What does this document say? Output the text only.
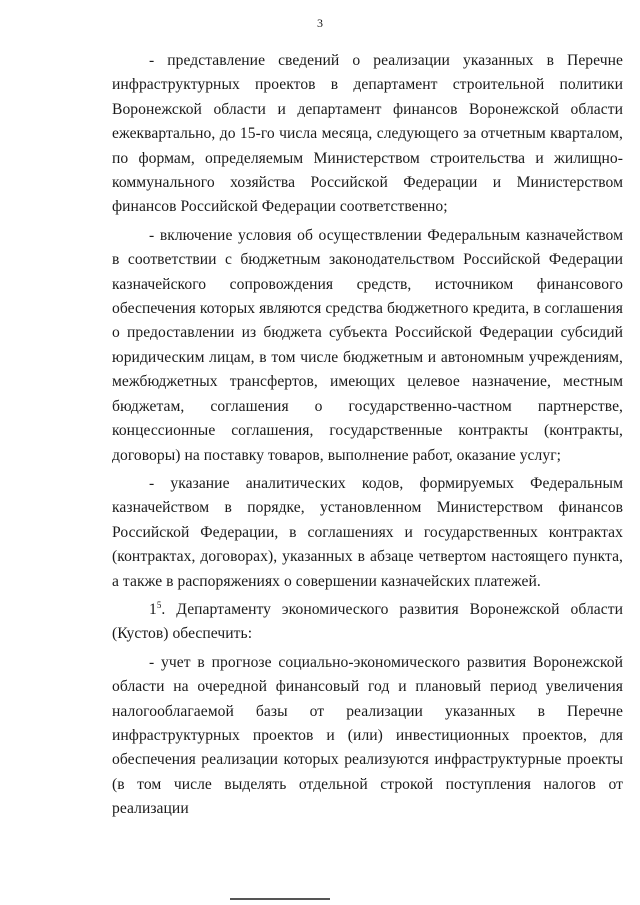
3

- представление сведений о реализации указанных в Перечне инфраструктурных проектов в департамент строительной политики Воронежской области и департамент финансов Воронежской области ежеквартально, до 15-го числа месяца, следующего за отчетным кварталом, по формам, определяемым Министерством строительства и жилищно-коммунального хозяйства Российской Федерации и Министерством финансов Российской Федерации соответственно;

- включение условия об осуществлении Федеральным казначейством в соответствии с бюджетным законодательством Российской Федерации казначейского сопровождения средств, источником финансового обеспечения которых являются средства бюджетного кредита, в соглашения о предоставлении из бюджета субъекта Российской Федерации субсидий юридическим лицам, в том числе бюджетным и автономным учреждениям, межбюджетных трансфертов, имеющих целевое назначение, местным бюджетам, соглашения о государственно-частном партнерстве, концессионные соглашения, государственные контракты (контракты, договоры) на поставку товаров, выполнение работ, оказание услуг;

- указание аналитических кодов, формируемых Федеральным казначейством в порядке, установленном Министерством финансов Российской Федерации, в соглашениях и государственных контрактах (контрактах, договорах), указанных в абзаце четвертом настоящего пункта, а также в распоряжениях о совершении казначейских платежей.

$1^5$. Департаменту экономического развития Воронежской области (Кустов) обеспечить:

- учет в прогнозе социально-экономического развития Воронежской области на очередной финансовый год и плановый период увеличения налогооблагаемой базы от реализации указанных в Перечне инфраструктурных проектов и (или) инвестиционных проектов, для обеспечения реализации которых реализуются инфраструктурные проекты (в том числе выделять отдельной строкой поступления налогов от реализации
